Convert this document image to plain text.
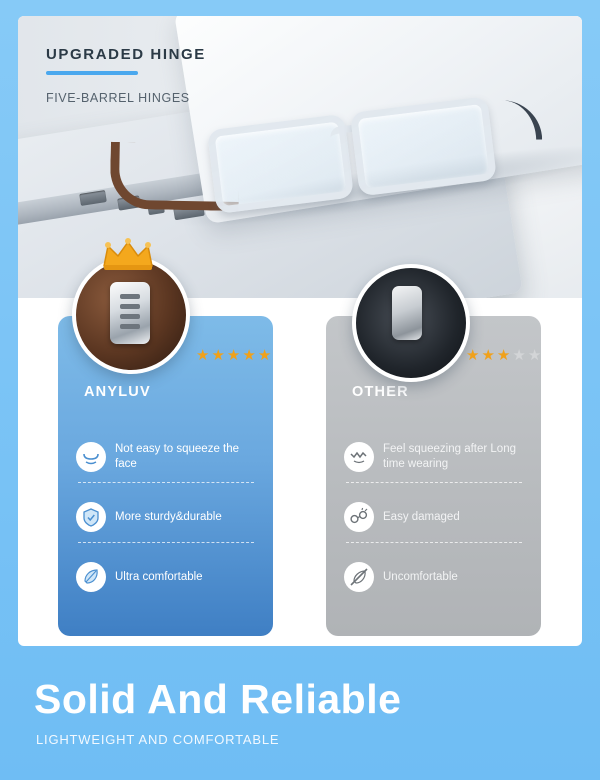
UPGRADED HINGE
FIVE-BARREL HINGES
ANYLUV
Not easy to squeeze the face
More sturdy&durable
Ultra comfortable
OTHER
Feel squeezing after Long time wearing
Easy damaged
Uncomfortable
★ ★ ★ ★ ★	★ ★ ★ ★ ★
Solid And Reliable
LIGHTWEIGHT AND COMFORTABLE
